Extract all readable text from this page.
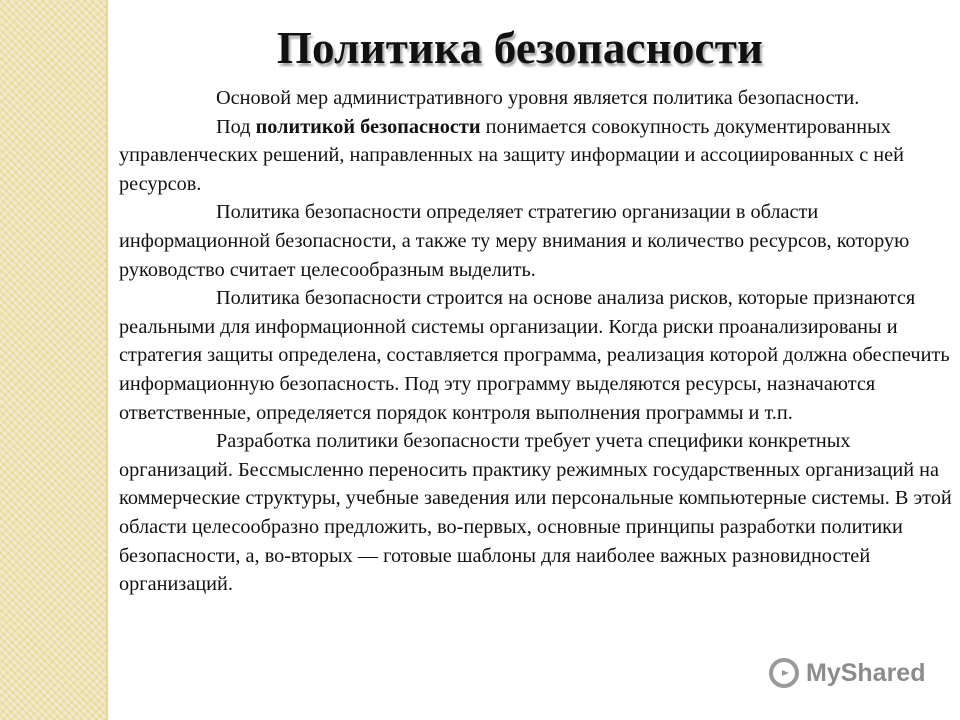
Политика безопасности

Основой мер административного уровня является политика безопасности.

Под политикой безопасности понимается совокупность документированных управленческих решений, направленных на защиту информации и ассоциированных с ней ресурсов.

Политика безопасности определяет стратегию организации в области информационной безопасности, а также ту меру внимания и количество ресурсов, которую руководство считает целесообразным выделить.

Политика безопасности строится на основе анализа рисков, которые признаются реальными для информационной системы организации. Когда риски проанализированы и стратегия защиты определена, составляется программа, реализация которой должна обеспечить информационную безопасность. Под эту программу выделяются ресурсы, назначаются ответственные, определяется порядок контроля выполнения программы и т.п.

Разработка политики безопасности требует учета специфики конкретных организаций. Бессмысленно переносить практику режимных государственных организаций на коммерческие структуры, учебные заведения или персональные компьютерные системы. В этой области целесообразно предложить, во-первых, основные принципы разработки политики безопасности, а, во-вторых — готовые шаблоны для наиболее важных разновидностей организаций.

MyShared
